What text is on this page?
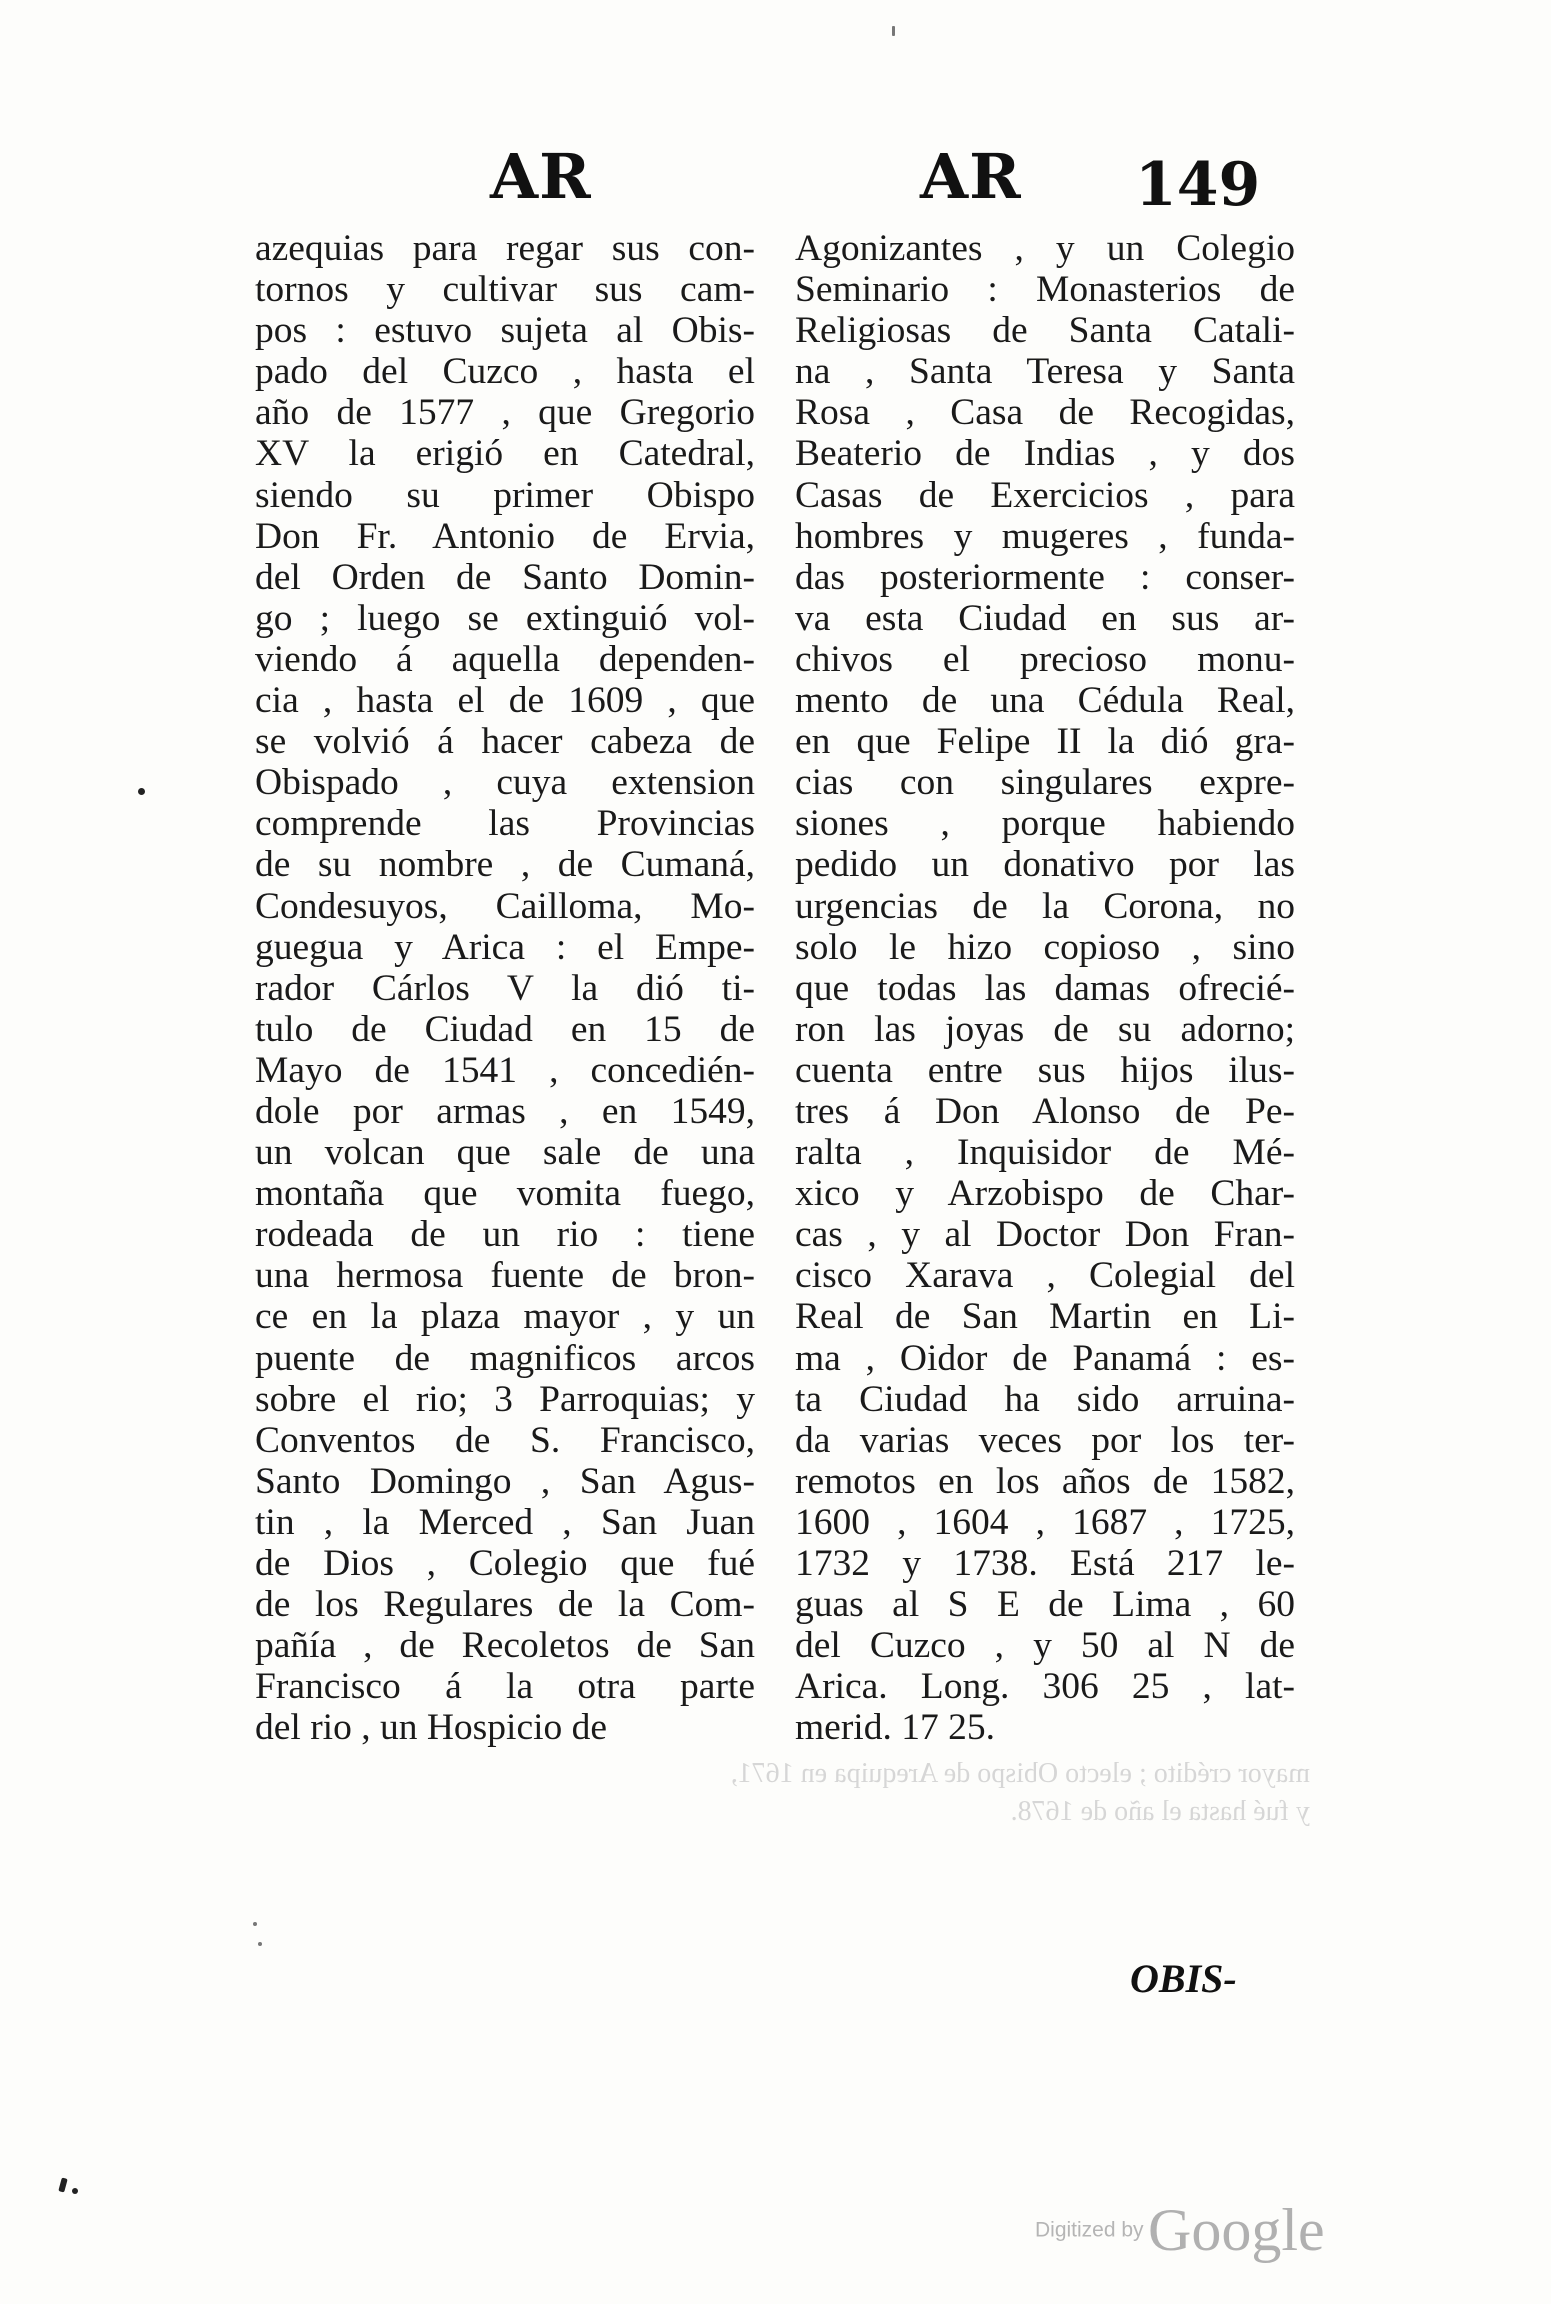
AR	AR 149
azequias para regar sus con-
tornos y cultivar sus cam-
pos : estuvo sujeta al Obis-
pado del Cuzco , hasta el
año de 1577 , que Gregorio
XV la erigió en Catedral,
siendo su primer Obispo
Don Fr. Antonio de Ervia,
del Orden de Santo Domin-
go ; luego se extinguió vol-
viendo á aquella dependen-
cia , hasta el de 1609 , que
se volvió á hacer cabeza de
Obispado , cuya extension
comprende las Provincias
de su nombre , de Cumaná,
Condesuyos, Cailloma, Mo-
guegua y Arica : el Empe-
rador Cárlos V la dió ti-
tulo de Ciudad en 15 de
Mayo de 1541 , concedién-
dole por armas , en 1549,
un volcan que sale de una
montaña que vomita fuego,
rodeada de un rio : tiene
una hermosa fuente de bron-
ce en la plaza mayor , y un
puente de magnificos arcos
sobre el rio; 3 Parroquias; y
Conventos de S. Francisco,
Santo Domingo , San Agus-
tin , la Merced , San Juan
de Dios , Colegio que fué
de los Regulares de la Com-
pañía , de Recoletos de San
Francisco á la otra parte
del rio , un Hospicio de
Agonizantes , y un Colegio
Seminario : Monasterios de
Religiosas de Santa Catali-
na , Santa Teresa y Santa
Rosa , Casa de Recogidas,
Beaterio de Indias , y dos
Casas de Exercicios , para
hombres y mugeres , funda-
das posteriormente : conser-
va esta Ciudad en sus ar-
chivos el precioso monu-
mento de una Cédula Real,
en que Felipe II la dió gra-
cias con singulares expre-
siones , porque habiendo
pedido un donativo por las
urgencias de la Corona, no
solo le hizo copioso , sino
que todas las damas ofrecié-
ron las joyas de su adorno;
cuenta entre sus hijos ilus-
tres á Don Alonso de Pe-
ralta , Inquisidor de Mé-
xico y Arzobispo de Char-
cas , y al Doctor Don Fran-
cisco Xarava , Colegial del
Real de San Martin en Li-
ma , Oidor de Panamá : es-
ta Ciudad ha sido arruina-
da varias veces por los ter-
remotos en los años de 1582,
1600 , 1604 , 1687 , 1725,
1732 y 1738. Está 217 le-
guas al S E de Lima , 60
del Cuzco , y 50 al N de
Arica. Long. 306 25 , lat-
merid. 17 25.
mayor crédito ; electo Obispo de Arequipa en 1671,
y fué hasta el año de 1678.
OBIS-
Digitized by Google
